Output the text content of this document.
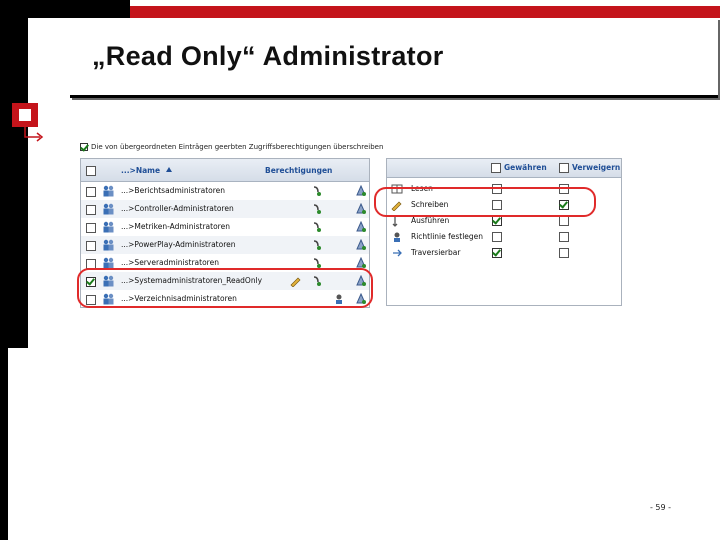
„Read Only“ Administrator
Die von übergeordneten Einträgen geerbten Zugriffsberechtigungen überschreiben
...>Name	Berechtigungen
...>Berichtsadministratoren
...>Controller-Administratoren
...>Metriken-Administratoren
...>PowerPlay-Administratoren
...>Serveradministratoren
...>Systemadministratoren_ReadOnly
...>Verzeichnisadministratoren
Gewähren	Verweigern
Lesen
Schreiben
Ausführen
Richtlinie festlegen
Traversierbar
- 59 -
